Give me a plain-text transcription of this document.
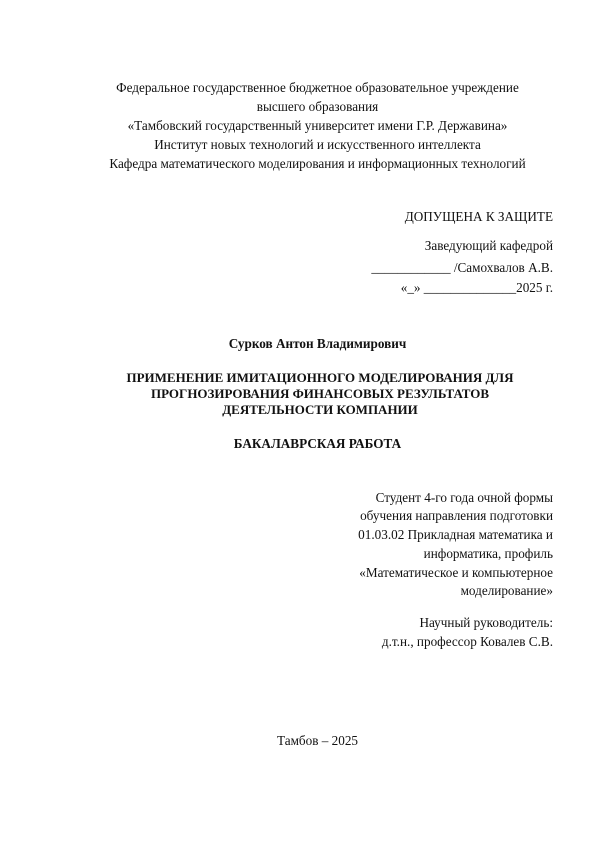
Федеральное государственное бюджетное образовательное учреждение
высшего образования
«Тамбовский государственный университет имени Г.Р. Державина»
Институт новых технологий и искусственного интеллекта
Кафедра математического моделирования и информационных технологий
ДОПУЩЕНА К ЗАЩИТЕ
Заведующий кафедрой
____________ /Самохвалов А.В.
«_» ______________2025 г.
Сурков Антон Владимирович
ПРИМЕНЕНИЕ ИМИТАЦИОННОГО МОДЕЛИРОВАНИЯ ДЛЯ
ПРОГНОЗИРОВАНИЯ ФИНАНСОВЫХ РЕЗУЛЬТАТОВ
ДЕЯТЕЛЬНОСТИ КОМПАНИИ
БАКАЛАВРСКАЯ РАБОТА
Студент 4-го года очной формы
обучения направления подготовки
01.03.02 Прикладная математика и
информатика, профиль
«Математическое и компьютерное
моделирование»
Научный руководитель:
д.т.н., профессор Ковалев С.В.
Тамбов – 2025
